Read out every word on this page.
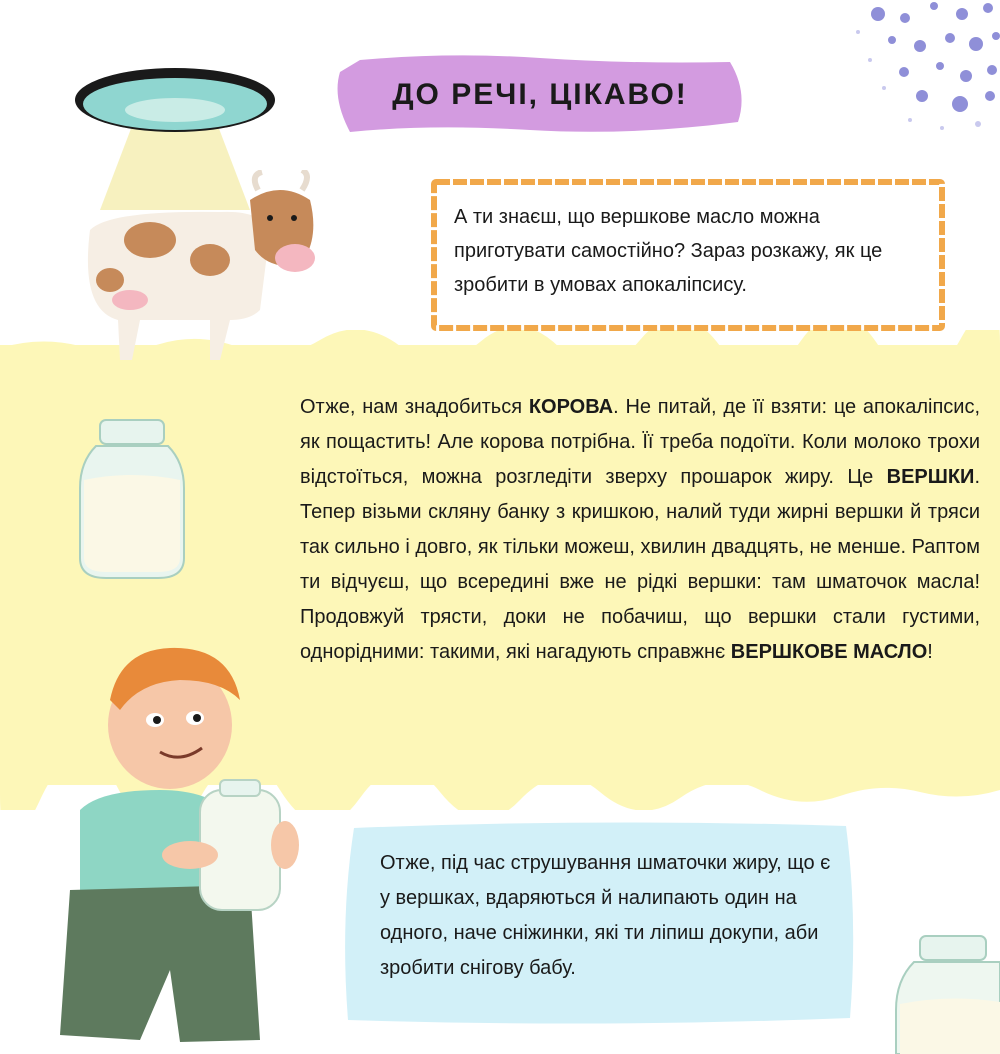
ДО РЕЧІ, ЦІКАВО!
А ти знаєш, що вершкове масло можна приготувати самостійно? Зараз розкажу, як це зробити в умовах апокаліпсису.
Отже, нам знадобиться КОРОВА. Не питай, де її взяти: це апокаліпсис, як пощастить! Але корова потрібна. Її треба подоїти. Коли молоко трохи відстоїться, можна розгледіти зверху прошарок жиру. Це ВЕРШКИ. Тепер візьми скляну банку з кришкою, налий туди жирні вершки й тряси так сильно і довго, як тільки можеш, хвилин двадцять, не менше. Раптом ти відчуєш, що всередині вже не рідкі вершки: там шматочок масла! Продовжуй трясти, доки не побачиш, що вершки стали густими, однорідними: такими, які нагадують справжнє ВЕРШКОВЕ МАСЛО!
Отже, під час струшування шматочки жиру, що є у вершках, вдаряються й налипають один на одного, наче сніжинки, які ти ліпиш докупи, аби зробити снігову бабу.
